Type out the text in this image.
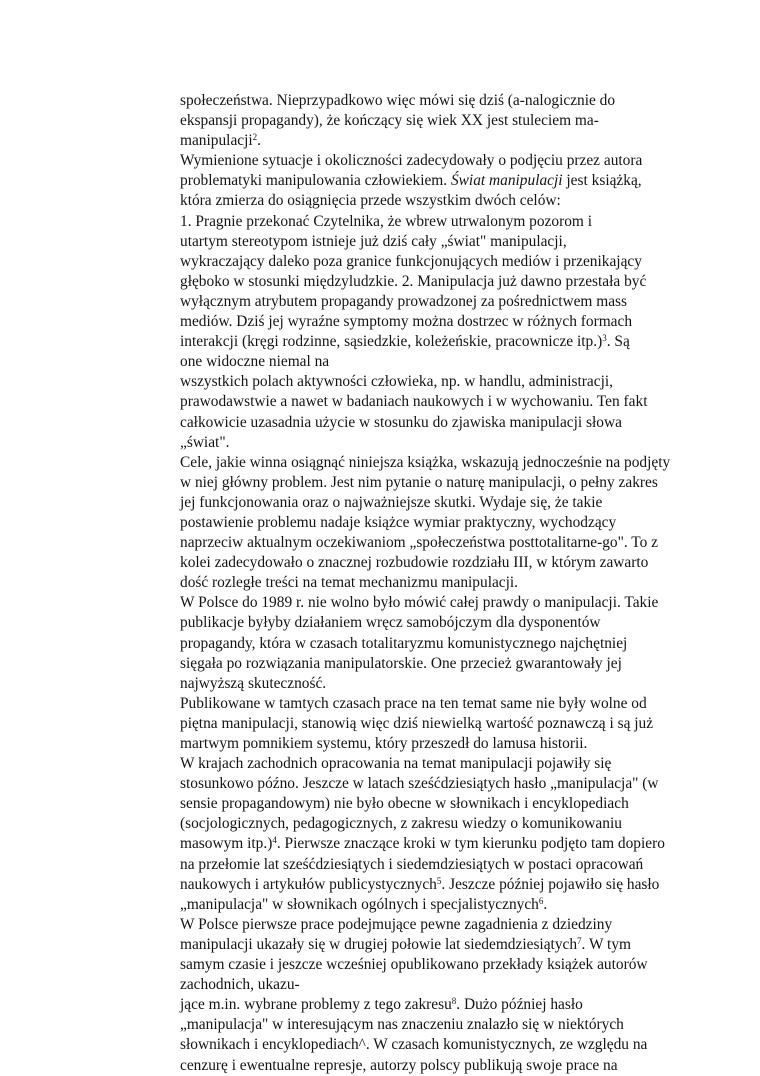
społeczeństwa. Nieprzypadkowo więc mówi się dziś (a-nalogicznie do
ekspansji propagandy), że kończący się wiek XX jest stuleciem ma-
manipulacji$^2$.
Wymienione sytuacje i okoliczności zadecydowały o podjęciu przez autora
problematyki manipulowania człowiekiem. Świat manipulacji jest książką,
która zmierza do osiągnięcia przede wszystkim dwóch celów:
1. Pragnie przekonać Czytelnika, że wbrew utrwalonym pozorom i
utartym stereotypom istnieje już dziś cały „świat" manipulacji,
wykraczający daleko poza granice funkcjonujących mediów i przenikający
głęboko w stosunki międzyludzkie. 2. Manipulacja już dawno przestała być
wyłącznym atrybutem propagandy prowadzonej za pośrednictwem mass
mediów. Dziś jej wyraźne symptomy można dostrzec w różnych formach
interakcji (kręgi rodzinne, sąsiedzkie, koleżeńskie, pracownicze itp.)$^3$. Są
one widoczne niemal na
wszystkich polach aktywności człowieka, np. w handlu, administracji,
prawodawstwie a nawet w badaniach naukowych i w wychowaniu. Ten fakt
całkowicie uzasadnia użycie w stosunku do zjawiska manipulacji słowa
„świat".
Cele, jakie winna osiągnąć niniejsza książka, wskazują jednocześnie na podjęty
w niej główny problem. Jest nim pytanie o naturę manipulacji, o pełny zakres
jej funkcjonowania oraz o najważniejsze skutki. Wydaje się, że takie
postawienie problemu nadaje książce wymiar praktyczny, wychodzący
naprzeciw aktualnym oczekiwaniom „społeczeństwa posttotalitarne-go". To z
kolei zadecydowało o znacznej rozbudowie rozdziału III, w którym zawarto
dość rozległe treści na temat mechanizmu manipulacji.
W Polsce do 1989 r. nie wolno było mówić całej prawdy o manipulacji. Takie
publikacje byłyby działaniem wręcz samobójczym dla dysponentów
propagandy, która w czasach totalitaryzmu komunistycznego najchętniej
sięgała po rozwiązania manipulatorskie. One przecież gwarantowały jej
najwyższą skuteczność.
Publikowane w tamtych czasach prace na ten temat same nie były wolne od
piętna manipulacji, stanowią więc dziś niewielką wartość poznawczą i są już
martwym pomnikiem systemu, który przeszedł do lamusa historii.
W krajach zachodnich opracowania na temat manipulacji pojawiły się
stosunkowo późno. Jeszcze w latach sześćdziesiątych hasło „manipulacja" (w
sensie propagandowym) nie było obecne w słownikach i encyklopediach
(socjologicznych, pedagogicznych, z zakresu wiedzy o komunikowaniu
masowym itp.)$^4$. Pierwsze znaczące kroki w tym kierunku podjęto tam dopiero
na przełomie lat sześćdziesiątych i siedemdziesiątych w postaci opracowań
naukowych i artykułów publicystycznych$^5$. Jeszcze później pojawiło się hasło
„manipulacja" w słownikach ogólnych i specjalistycznych$^6$.
W Polsce pierwsze prace podejmujące pewne zagadnienia z dziedziny
manipulacji ukazały się w drugiej połowie lat siedemdziesiątych$^7$. W tym
samym czasie i jeszcze wcześniej opublikowano przekłady książek autorów
zachodnich, ukazu-
jące m.in. wybrane problemy z tego zakresu$^8$. Dużo później hasło
„manipulacja" w interesującym nas znaczeniu znalazło się w niektórych
słownikach i encyklopediach^. W czasach komunistycznych, ze względu na
cenzurę i ewentualne represje, autorzy polscy publikują swoje prace na
